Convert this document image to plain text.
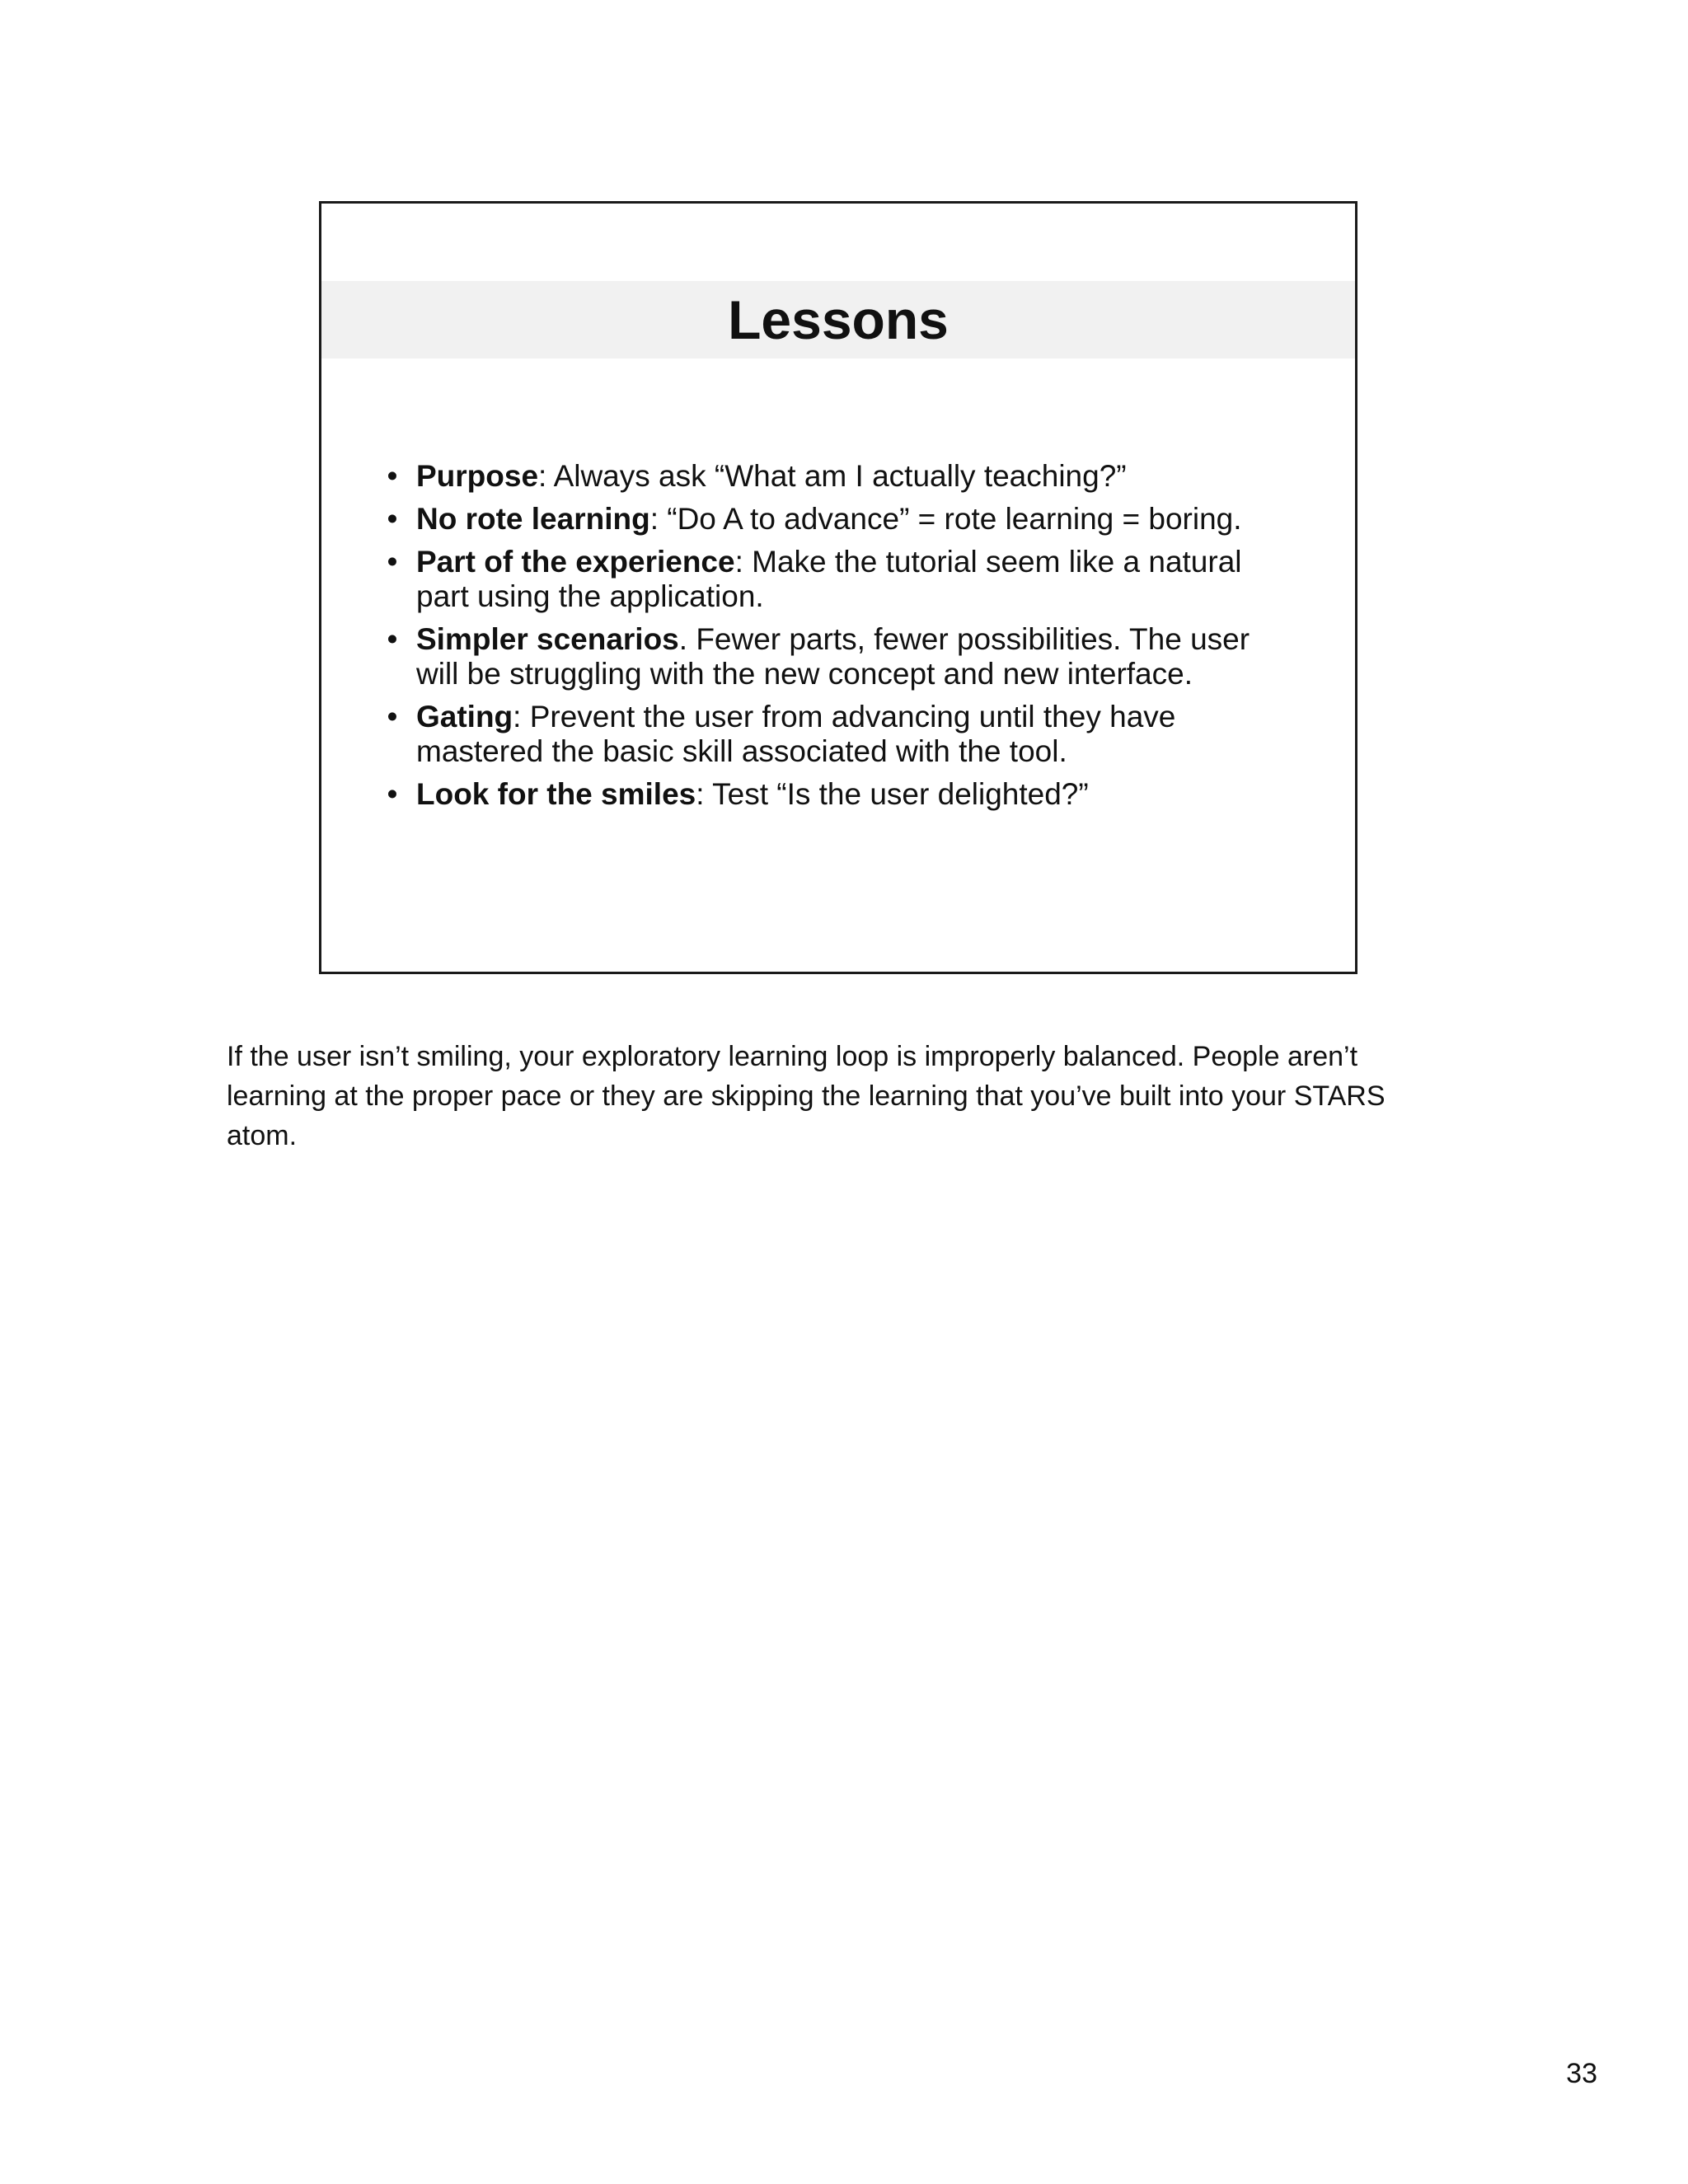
Lessons
• Purpose: Always ask “What am I actually teaching?”
• No rote learning: “Do A to advance” = rote learning = boring.
• Part of the experience: Make the tutorial seem like a natural part using the application.
• Simpler scenarios. Fewer parts, fewer possibilities. The user will be struggling with the new concept and new interface.
• Gating: Prevent the user from advancing until they have mastered the basic skill associated with the tool.
• Look for the smiles: Test “Is the user delighted?”

If the user isn’t smiling, your exploratory learning loop is improperly balanced. People aren’t learning at the proper pace or they are skipping the learning that you’ve built into your STARS atom.

33
